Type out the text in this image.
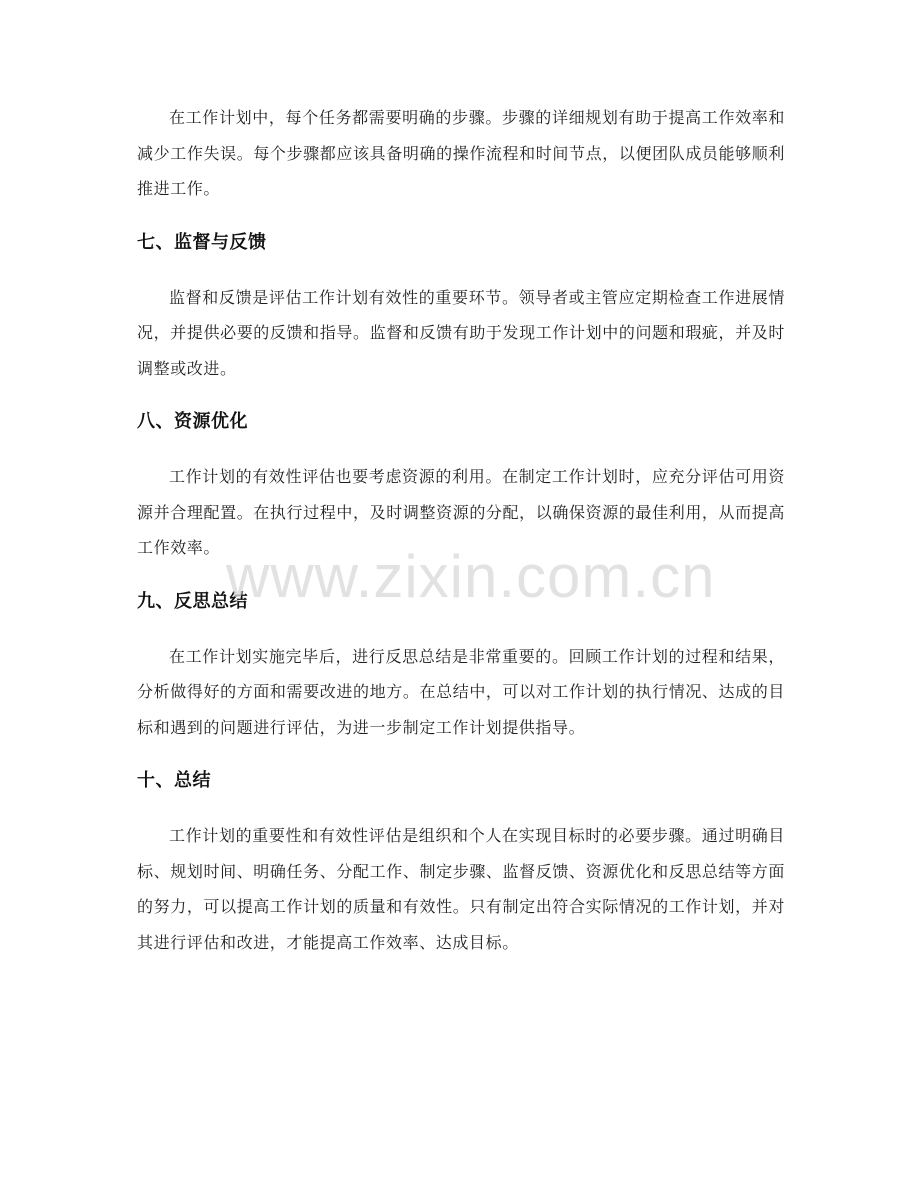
在工作计划中，每个任务都需要明确的步骤。步骤的详细规划有助于提高工作效率和减少工作失误。每个步骤都应该具备明确的操作流程和时间节点，以便团队成员能够顺利推进工作。

七、监督与反馈

监督和反馈是评估工作计划有效性的重要环节。领导者或主管应定期检查工作进展情况，并提供必要的反馈和指导。监督和反馈有助于发现工作计划中的问题和瑕疵，并及时调整或改进。

八、资源优化

工作计划的有效性评估也要考虑资源的利用。在制定工作计划时，应充分评估可用资源并合理配置。在执行过程中，及时调整资源的分配，以确保资源的最佳利用，从而提高工作效率。

九、反思总结

在工作计划实施完毕后，进行反思总结是非常重要的。回顾工作计划的过程和结果，分析做得好的方面和需要改进的地方。在总结中，可以对工作计划的执行情况、达成的目标和遇到的问题进行评估，为进一步制定工作计划提供指导。

十、总结

工作计划的重要性和有效性评估是组织和个人在实现目标时的必要步骤。通过明确目标、规划时间、明确任务、分配工作、制定步骤、监督反馈、资源优化和反思总结等方面的努力，可以提高工作计划的质量和有效性。只有制定出符合实际情况的工作计划，并对其进行评估和改进，才能提高工作效率、达成目标。

www.zixin.com.cn
